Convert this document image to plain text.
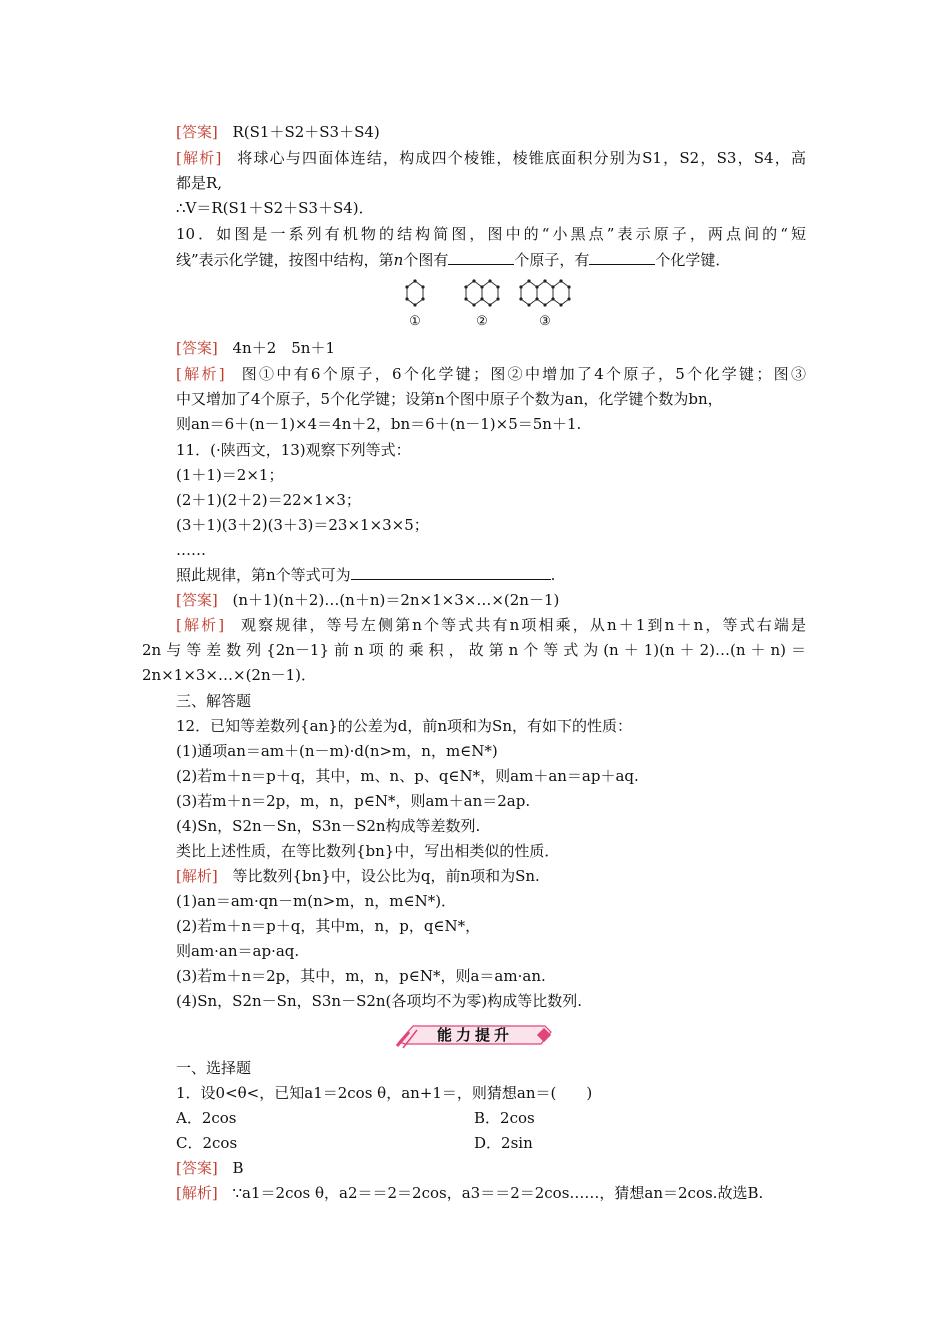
[答案] R(S1＋S2＋S3＋S4)
[解析] 将球心与四面体连结，构成四个棱锥，棱锥底面积分别为S1，S2，S3，S4，高
都是R,
∴V＝R(S1＋S2＋S3＋S4)．
10．如图是一系列有机物的结构简图，图中的“小黑点”表示原子，两点间的“短
线”表示化学键，按图中结构，第n个图有	个原子，有	个化学键．
①	②	③
[答案] 4n＋2　5n＋1
[解析] 图①中有6个原子，6个化学键；图②中增加了4个原子，5个化学键；图③
中又增加了4个原子，5个化学键；设第n个图中原子个数为an，化学键个数为bn，
则an＝6＋(n－1)×4＝4n＋2，bn＝6＋(n－1)×5＝5n＋1.
11．(·陕西文，13)观察下列等式：
(1＋1)＝2×1；
(2＋1)(2＋2)＝22×1×3；
(3＋1)(3＋2)(3＋3)＝23×1×3×5；
……
照此规律，第n个等式可为	.
[答案] (n＋1)(n＋2)…(n＋n)＝2n×1×3×…×(2n－1)
[解析] 观察规律，等号左侧第n个等式共有n项相乘，从n＋1到n＋n，等式右端是
2n与等差数列{2n－1}前n项的乘积，故第n个等式为(n＋1)(n＋2)…(n＋n)＝
2n×1×3×…×(2n－1)．
三、解答题
12．已知等差数列{an}的公差为d，前n项和为Sn，有如下的性质：
(1)通项an＝am＋(n－m)·d(n>m，n，m∈N*)
(2)若m＋n＝p＋q，其中，m、n、p、q∈N*，则am＋an＝ap＋aq.
(3)若m＋n＝2p，m，n，p∈N*，则am＋an＝2ap.
(4)Sn，S2n－Sn，S3n－S2n构成等差数列.
类比上述性质，在等比数列{bn}中，写出相类似的性质．
[解析] 等比数列{bn}中，设公比为q，前n项和为Sn.
(1)an＝am·qn－m(n>m，n，m∈N*)．
(2)若m＋n＝p＋q，其中m，n，p，q∈N*，
则am·an＝ap·aq.
(3)若m＋n＝2p，其中，m，n，p∈N*，则a＝am·an.
(4)Sn，S2n－Sn，S3n－S2n(各项均不为零)构成等比数列.
能力提升
一、选择题
1．设0<θ<，已知a1＝2cos θ，an+1＝，则猜想an＝(　　)
A．2cos	B．2cos
C．2cos	D．2sin
[答案] B
[解析] ∵a1＝2cos θ，a2＝＝2＝2cos，a3＝＝2＝2cos……，猜想an＝2cos.故选B.
